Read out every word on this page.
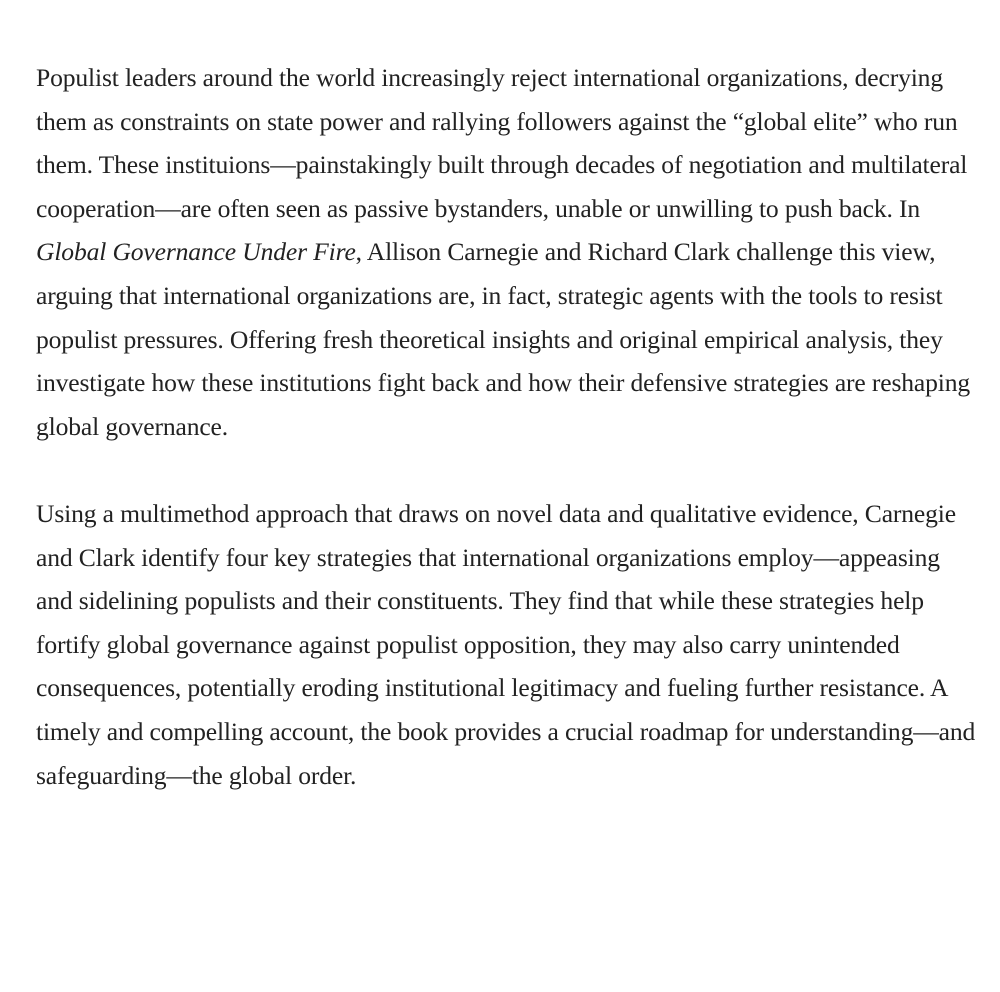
Populist leaders around the world increasingly reject international organizations, decrying them as constraints on state power and rallying followers against the “global elite” who run them. These instituions—painstakingly built through decades of negotiation and multilateral cooperation—are often seen as passive bystanders, unable or unwilling to push back. In Global Governance Under Fire, Allison Carnegie and Richard Clark challenge this view, arguing that international organizations are, in fact, strategic agents with the tools to resist populist pressures. Offering fresh theoretical insights and original empirical analysis, they investigate how these institutions fight back and how their defensive strategies are reshaping global governance.

Using a multimethod approach that draws on novel data and qualitative evidence, Carnegie and Clark identify four key strategies that international organizations employ—appeasing and sidelining populists and their constituents. They find that while these strategies help fortify global governance against populist opposition, they may also carry unintended consequences, potentially eroding institutional legitimacy and fueling further resistance. A timely and compelling account, the book provides a crucial roadmap for understanding—and safeguarding—the global order.
